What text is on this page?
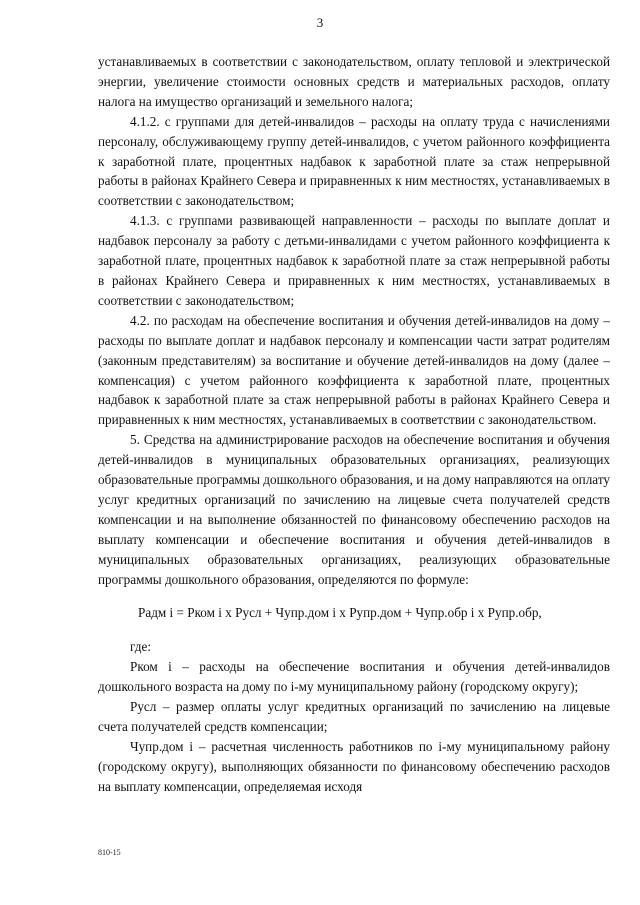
3

устанавливаемых в соответствии с законодательством, оплату тепловой и электрической энергии, увеличение стоимости основных средств и материальных расходов, оплату налога на имущество организаций и земельного налога;

4.1.2. с группами для детей-инвалидов – расходы на оплату труда с начислениями персоналу, обслуживающему группу детей-инвалидов, с учетом районного коэффициента к заработной плате, процентных надбавок к заработной плате за стаж непрерывной работы в районах Крайнего Севера и приравненных к ним местностях, устанавливаемых в соответствии с законодательством;

4.1.3. с группами развивающей направленности – расходы по выплате доплат и надбавок персоналу за работу с детьми-инвалидами с учетом районного коэффициента к заработной плате, процентных надбавок к заработной плате за стаж непрерывной работы в районах Крайнего Севера и приравненных к ним местностях, устанавливаемых в соответствии с законодательством;

4.2. по расходам на обеспечение воспитания и обучения детей-инвалидов на дому – расходы по выплате доплат и надбавок персоналу и компенсации части затрат родителям (законным представителям) за воспитание и обучение детей-инвалидов на дому (далее – компенсация) с учетом районного коэффициента к заработной плате, процентных надбавок к заработной плате за стаж непрерывной работы в районах Крайнего Севера и приравненных к ним местностях, устанавливаемых в соответствии с законодательством.

5. Средства на администрирование расходов на обеспечение воспитания и обучения детей-инвалидов в муниципальных образовательных организациях, реализующих образовательные программы дошкольного образования, и на дому направляются на оплату услуг кредитных организаций по зачислению на лицевые счета получателей средств компенсации и на выполнение обязанностей по финансовому обеспечению расходов на выплату компенсации и обеспечение воспитания и обучения детей-инвалидов в муниципальных образовательных организациях, реализующих образовательные программы дошкольного образования, определяются по формуле:

Радм i = Рком i х Русл + Чупр.дом i х Рупр.дом + Чупр.обр i х Рупр.обр,

где:

Рком i – расходы на обеспечение воспитания и обучения детей-инвалидов дошкольного возраста на дому по i-му муниципальному району (городскому округу);

Русл – размер оплаты услуг кредитных организаций по зачислению на лицевые счета получателей средств компенсации;

Чупр.дом i – расчетная численность работников по i-му муниципальному району (городскому округу), выполняющих обязанности по финансовому обеспечению расходов на выплату компенсации, определяемая исходя

810-15
